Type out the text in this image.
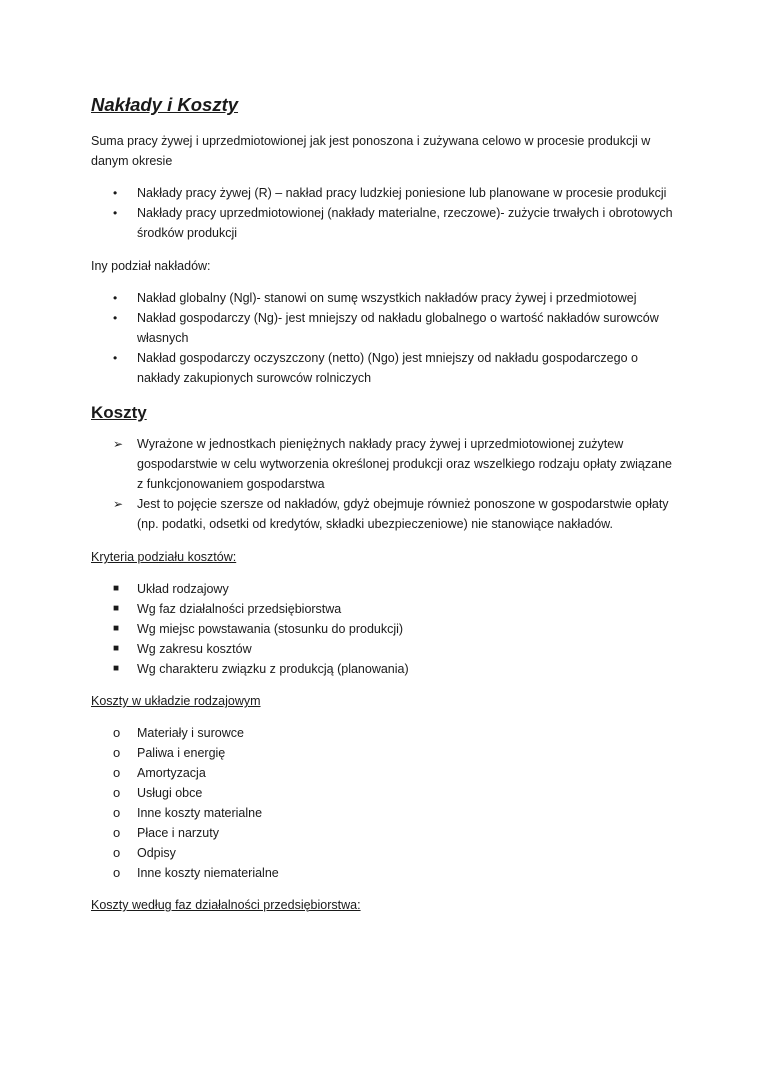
Nakłady i Koszty

Suma pracy żywej i uprzedmiotowionej jak jest ponoszona i zużywana celowo w procesie produkcji w danym okresie

•	Nakłady pracy żywej (R) – nakład pracy ludzkiej poniesione lub planowane w procesie produkcji
•	Nakłady pracy uprzedmiotowionej (nakłady materialne, rzeczowe)- zużycie trwałych i obrotowych środków produkcji

Iny podział nakładów:

•	Nakład globalny (Ngl)- stanowi on sumę wszystkich nakładów pracy żywej i przedmiotowej
•	Nakład gospodarczy (Ng)- jest mniejszy od nakładu globalnego o wartość nakładów surowców własnych
•	Nakład gospodarczy oczyszczony (netto) (Ngo) jest mniejszy od nakładu gospodarczego o nakłady zakupionych surowców rolniczych
Koszty
➢	Wyrażone w jednostkach pieniężnych nakłady pracy żywej i uprzedmiotowionej zużytew gospodarstwie w celu wytworzenia określonej produkcji oraz wszelkiego rodzaju opłaty związane z funkcjonowaniem gospodarstwa
➢	Jest to pojęcie szersze od nakładów, gdyż obejmuje również ponoszone w gospodarstwie opłaty (np. podatki, odsetki od kredytów, składki ubezpieczeniowe) nie stanowiące nakładów.

Kryteria podziału kosztów:

■	Układ rodzajowy
■	Wg faz działalności przedsiębiorstwa
■	Wg miejsc powstawania (stosunku do produkcji)
■	Wg zakresu kosztów
■	Wg charakteru związku z produkcją (planowania)

Koszty w układzie rodzajowym

o	Materiały i surowce
o	Paliwa i energię
o	Amortyzacja
o	Usługi obce
o	Inne koszty materialne
o	Płace i narzuty
o	Odpisy
o	Inne koszty niematerialne

Koszty według faz działalności przedsiębiorstwa:
